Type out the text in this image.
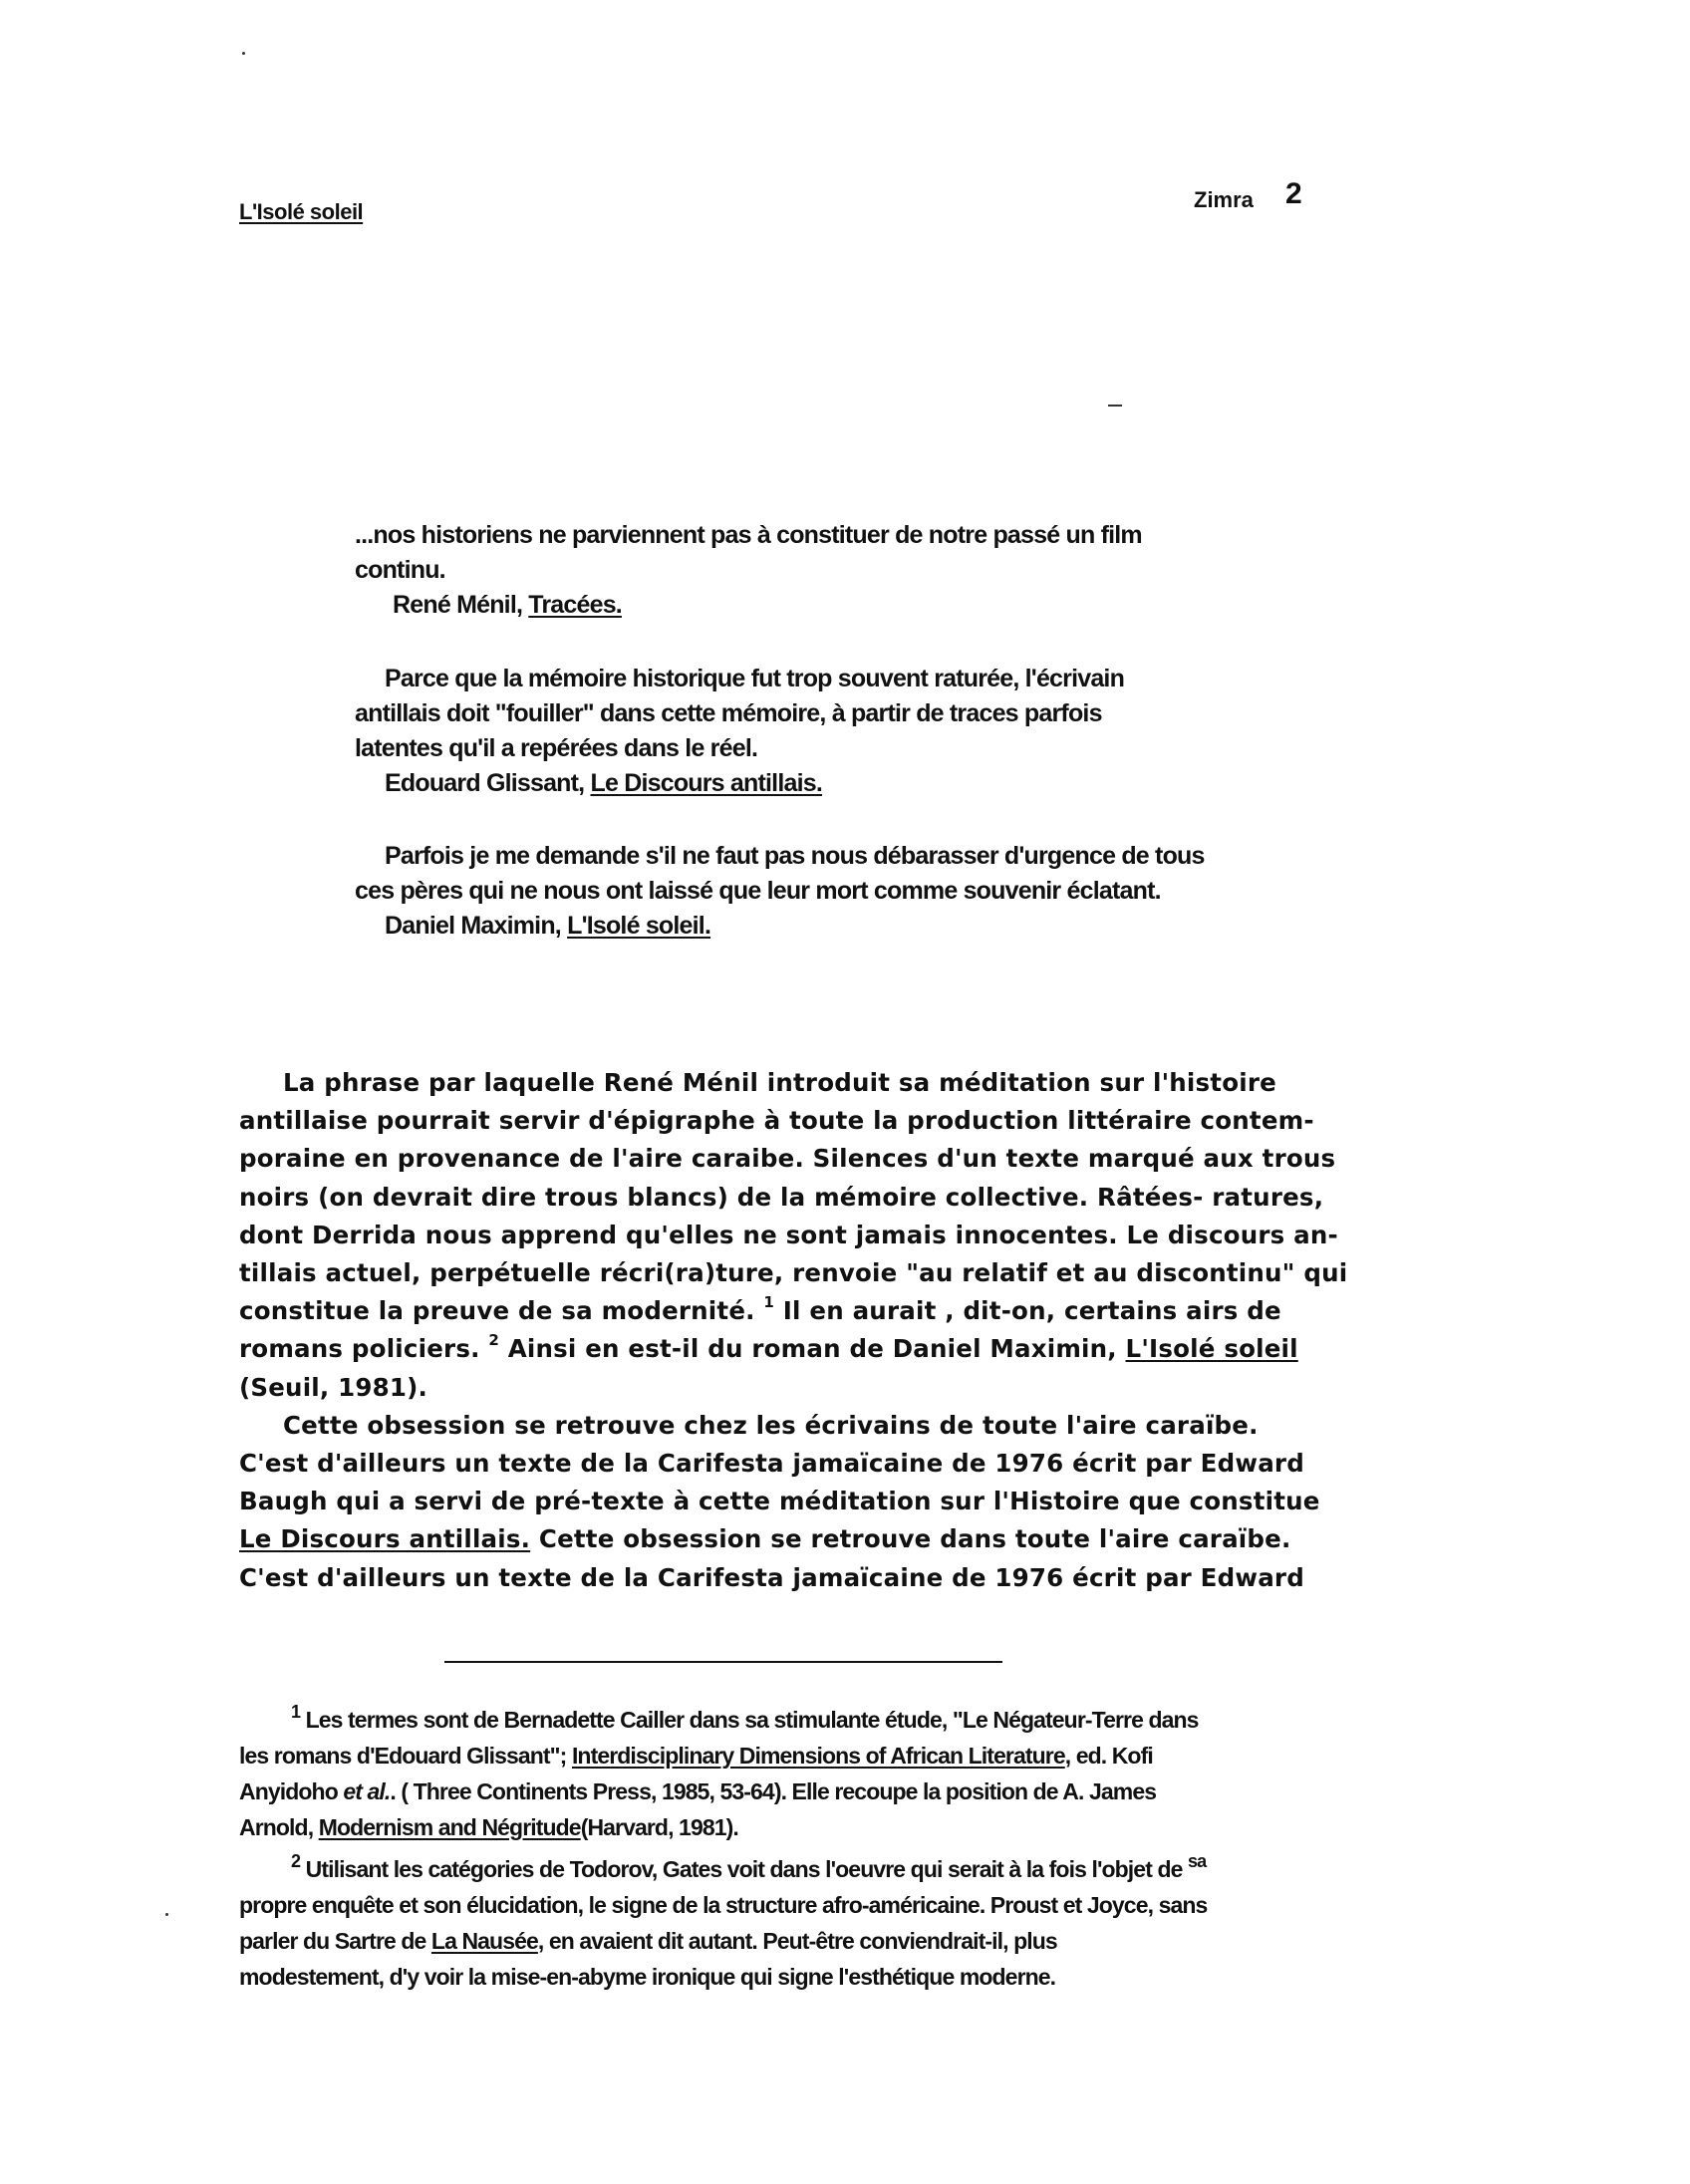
L'Isolé soleil	Zimra 2

...nos historiens ne parviennent pas à constituer de notre passé un film

continu.

René Ménil, Tracées.

Parce que la mémoire historique fut trop souvent raturée, l'écrivain

antillais doit "fouiller" dans cette mémoire, à partir de traces parfois

latentes qu'il a repérées dans le réel.

Edouard Glissant, Le Discours antillais.

Parfois je me demande s'il ne faut pas nous débarasser d'urgence de tous

ces pères qui ne nous ont laissé que leur mort comme souvenir éclatant.

Daniel Maximin, L'Isolé soleil.

La phrase par laquelle René Ménil introduit sa méditation sur l'histoire
antillaise pourrait servir d'épigraphe à toute la production littéraire contem-
poraine en provenance de l'aire caraibe. Silences d'un texte marqué aux trous
noirs (on devrait dire trous blancs) de la mémoire collective. Râtées- ratures,
dont Derrida nous apprend qu'elles ne sont jamais innocentes. Le discours an-
tillais actuel, perpétuelle récri(ra)ture, renvoie "au relatif et au discontinu" qui
constitue la preuve de sa modernité. $^1$ Il en aurait , dit-on, certains airs de
romans policiers. $^2$ Ainsi en est-il du roman de Daniel Maximin, L'Isolé soleil
(Seuil, 1981).
Cette obsession se retrouve chez les écrivains de toute l'aire caraïbe.
C'est d'ailleurs un texte de la Carifesta jamaïcaine de 1976 écrit par Edward
Baugh qui a servi de pré-texte à cette méditation sur l'Histoire que constitue
Le Discours antillais. Cette obsession se retrouve dans toute l'aire caraïbe.
C'est d'ailleurs un texte de la Carifesta jamaïcaine de 1976 écrit par Edward
$^1$ Les termes sont de Bernadette Cailler dans sa stimulante étude, "Le Négateur-Terre dans
les romans d'Edouard Glissant"; Interdisciplinary Dimensions of African Literature, ed. Kofi
Anyidoho et al.. ( Three Continents Press, 1985, 53-64). Elle recoupe la position de A. James
Arnold, Modernism and Négritude(Harvard, 1981).
$^2$ Utilisant les catégories de Todorov, Gates voit dans l'oeuvre qui serait à la fois l'objet de $^{sa}$
propre enquête et son élucidation, le signe de la structure afro-américaine. Proust et Joyce, sans
parler du Sartre de La Nausée, en avaient dit autant. Peut-être conviendrait-il, plus
modestement, d'y voir la mise-en-abyme ironique qui signe l'esthétique moderne.
